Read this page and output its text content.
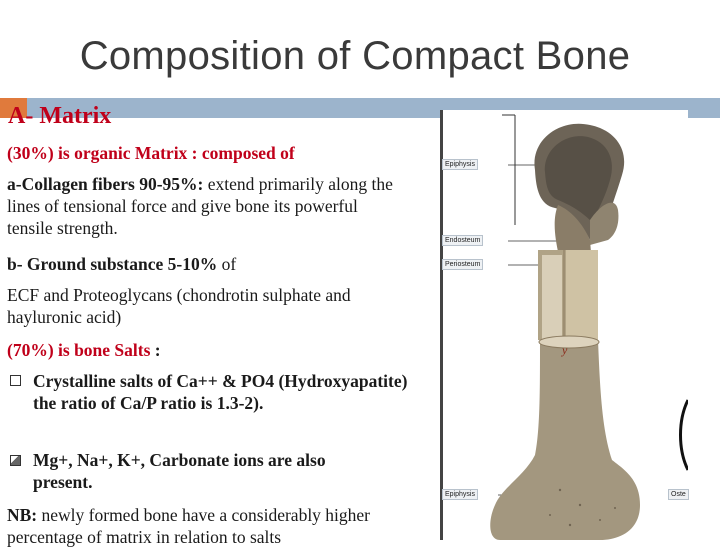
Composition of Compact Bone
A- Matrix
(30%) is organic Matrix : composed of
a-Collagen fibers 90-95%: extend primarily along the lines of tensional force and give bone its powerful tensile strength.
b- Ground substance 5-10% of
ECF and Proteoglycans (chondrotin sulphate and hayluronic acid)
(70%) is bone Salts :
Crystalline salts of Ca++ & PO4 (Hydroxyapatite) the ratio of Ca/P ratio is 1.3-2).
Mg+, Na+, K+, Carbonate ions are also present.
NB: newly formed bone have a considerably higher percentage of matrix in relation to salts
Epiphysis
Endosteum
Periosteum
Epiphysis	Oste
y
